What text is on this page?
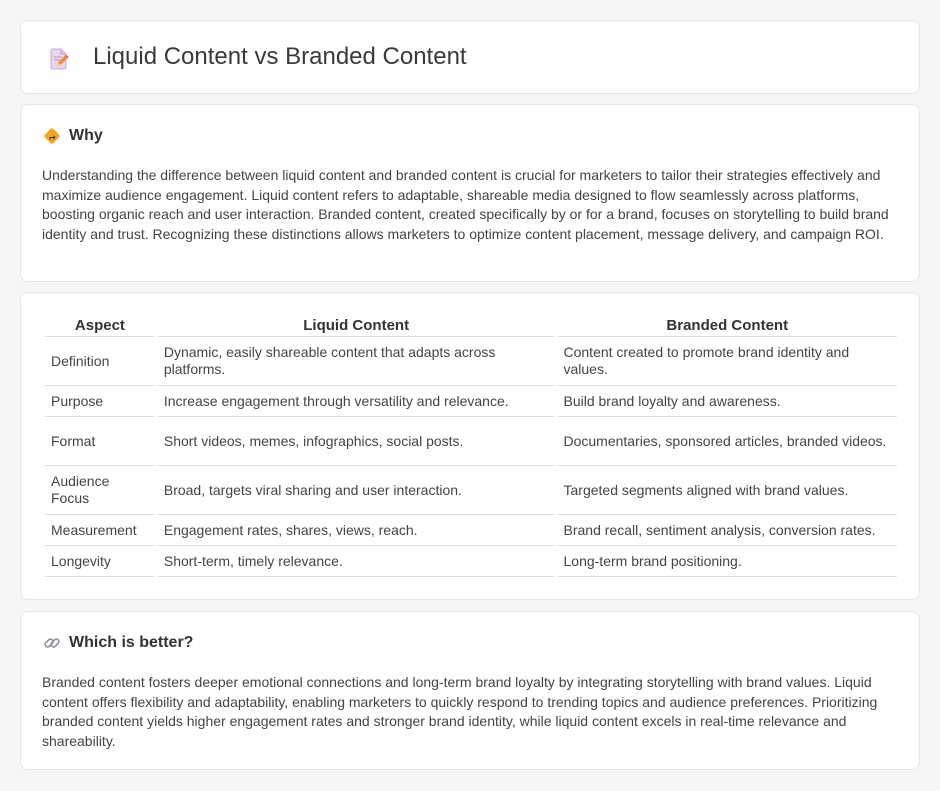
Liquid Content vs Branded Content
Why

Understanding the difference between liquid content and branded content is crucial for marketers to tailor their strategies effectively and maximize audience engagement. Liquid content refers to adaptable, shareable media designed to flow seamlessly across platforms, boosting organic reach and user interaction. Branded content, created specifically by or for a brand, focuses on storytelling to build brand identity and trust. Recognizing these distinctions allows marketers to optimize content placement, message delivery, and campaign ROI.

Aspect	Liquid Content	Branded Content
Definition	Dynamic, easily shareable content that adapts across platforms.	Content created to promote brand identity and values.
Purpose	Increase engagement through versatility and relevance.	Build brand loyalty and awareness.
Format	Short videos, memes, infographics, social posts.	Documentaries, sponsored articles, branded videos.
Audience Focus	Broad, targets viral sharing and user interaction.	Targeted segments aligned with brand values.
Measurement	Engagement rates, shares, views, reach.	Brand recall, sentiment analysis, conversion rates.
Longevity	Short-term, timely relevance.	Long-term brand positioning.
Which is better?

Branded content fosters deeper emotional connections and long-term brand loyalty by integrating storytelling with brand values. Liquid content offers flexibility and adaptability, enabling marketers to quickly respond to trending topics and audience preferences. Prioritizing branded content yields higher engagement rates and stronger brand identity, while liquid content excels in real-time relevance and shareability.
